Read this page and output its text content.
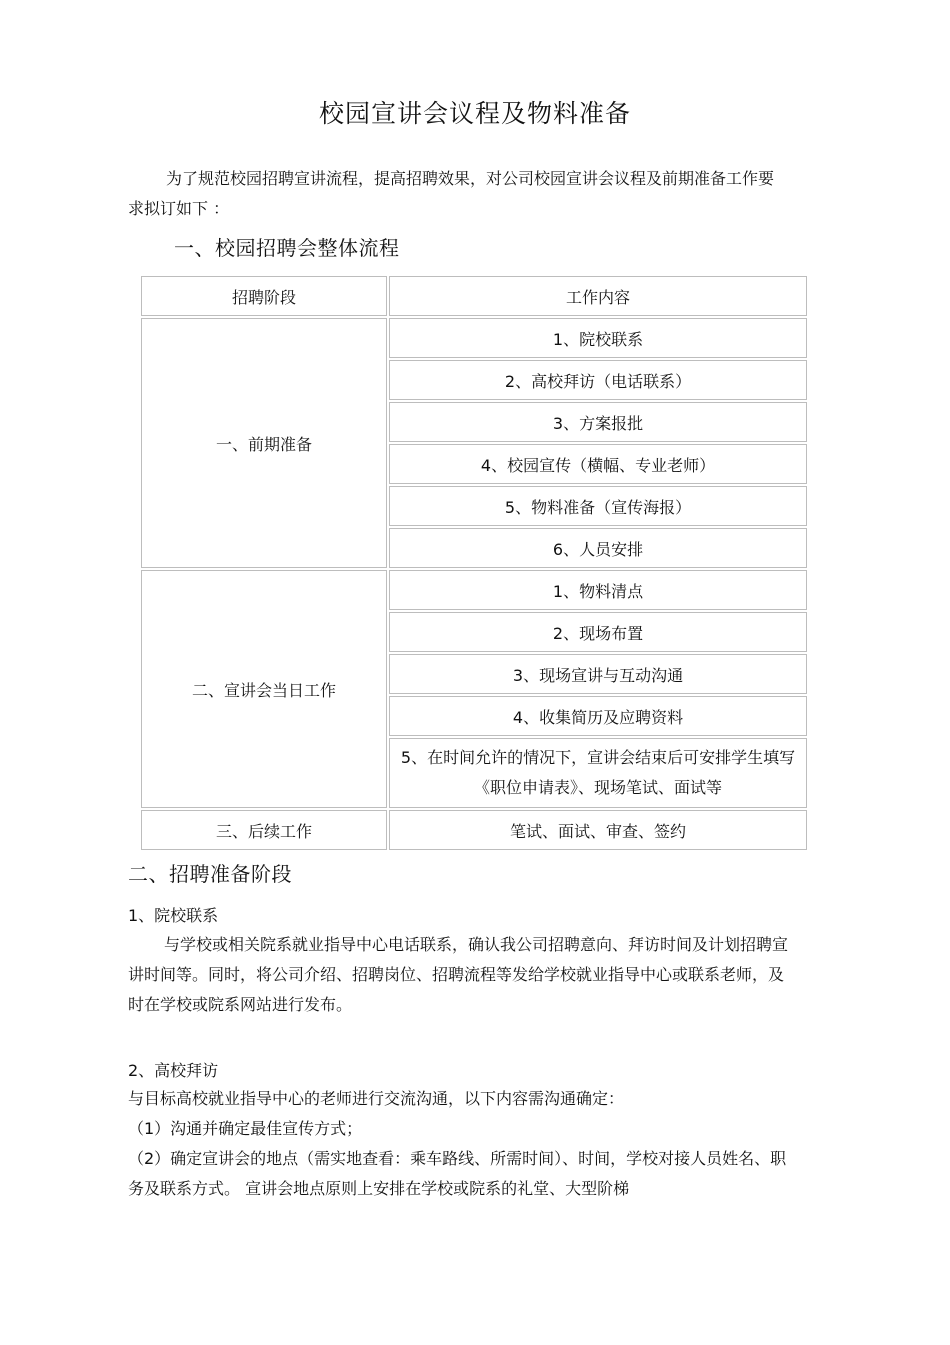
校园宣讲会议程及物料准备

为了规范校园招聘宣讲流程，提高招聘效果，对公司校园宣讲会议程及前期准备工作要求拟订如下 ：

一、校园招聘会整体流程
招聘阶段	工作内容
一、前期准备	1、院校联系
	2、高校拜访（电话联系）
	3、方案报批
	4、校园宣传（横幅、专业老师）
	5、物料准备（宣传海报）
	6、人员安排
二、宣讲会当日工作	1、物料清点
	2、现场布置
	3、现场宣讲与互动沟通
	4、收集简历及应聘资料
	5、在时间允许的情况下，宣讲会结束后可安排学生填写《职位申请表》、现场笔试、面试等
三、后续工作	笔试、面试、审查、签约
二、招聘准备阶段
1、院校联系

与学校或相关院系就业指导中心电话联系，确认我公司招聘意向、拜访时间及计划招聘宣讲时间等。同时，将公司介绍、招聘岗位、招聘流程等发给学校就业指导中心或联系老师，及时在学校或院系网站进行发布。

2、高校拜访

与目标高校就业指导中心的老师进行交流沟通，以下内容需沟通确定：

（1）沟通并确定最佳宣传方式；

（2）确定宣讲会的地点（需实地查看：乘车路线、所需时间）、时间，学校对接人员姓名、职务及联系方式。 宣讲会地点原则上安排在学校或院系的礼堂、大型阶梯
